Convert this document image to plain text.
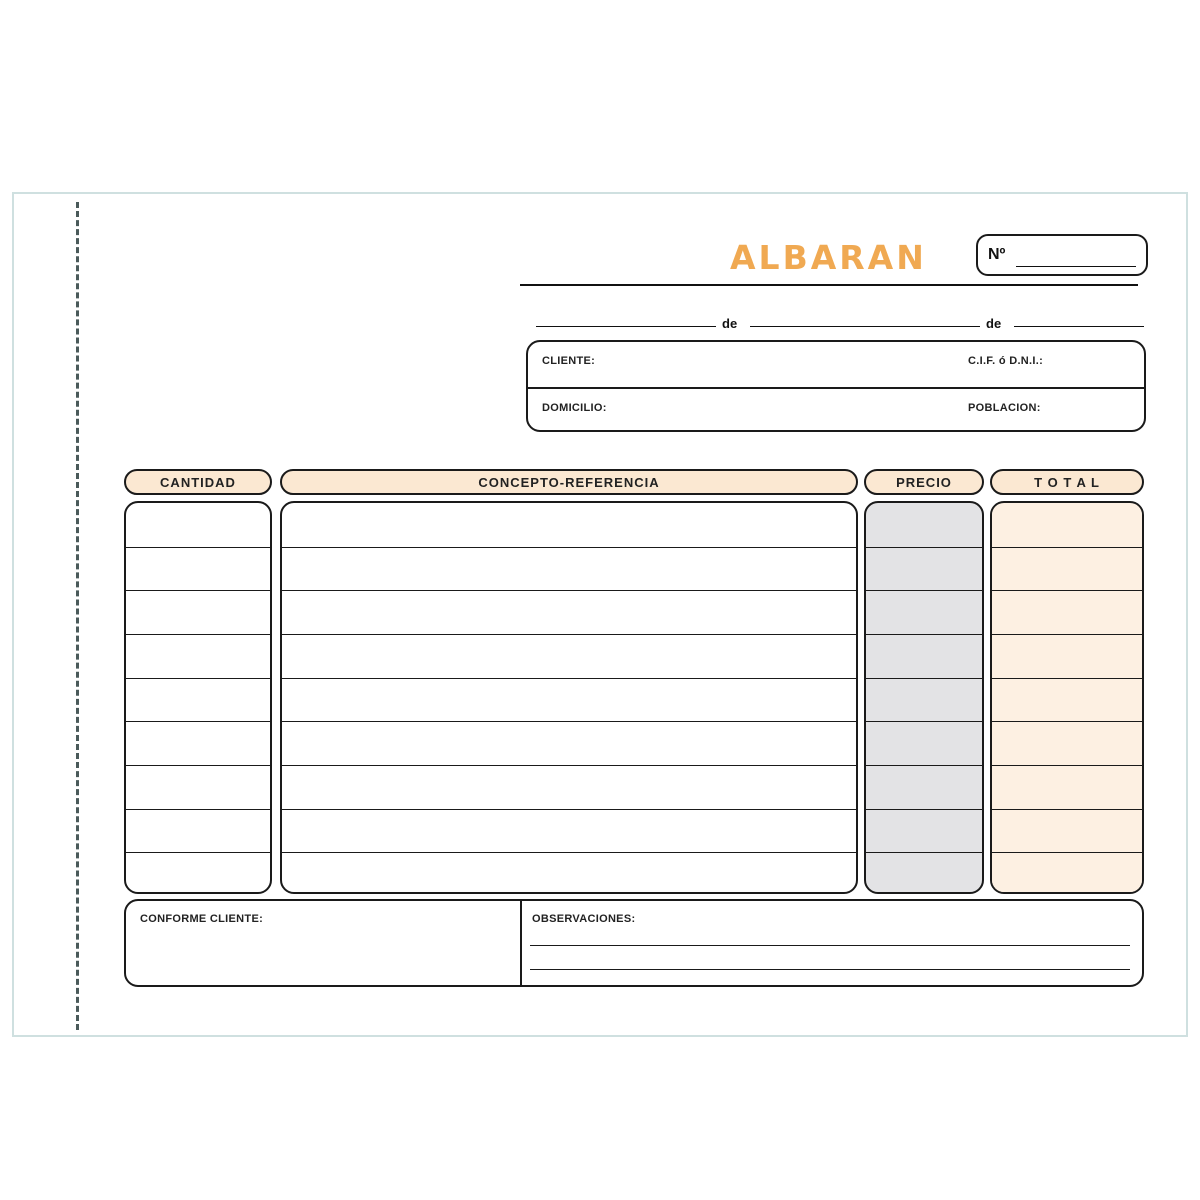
ALBARAN	Nº
de	de
CLIENTE:	C.I.F. ó D.N.I.:
DOMICILIO:	POBLACION:
CANTIDAD	CONCEPTO-REFERENCIA	PRECIO	T O T A L
CONFORME CLIENTE:	OBSERVACIONES:
